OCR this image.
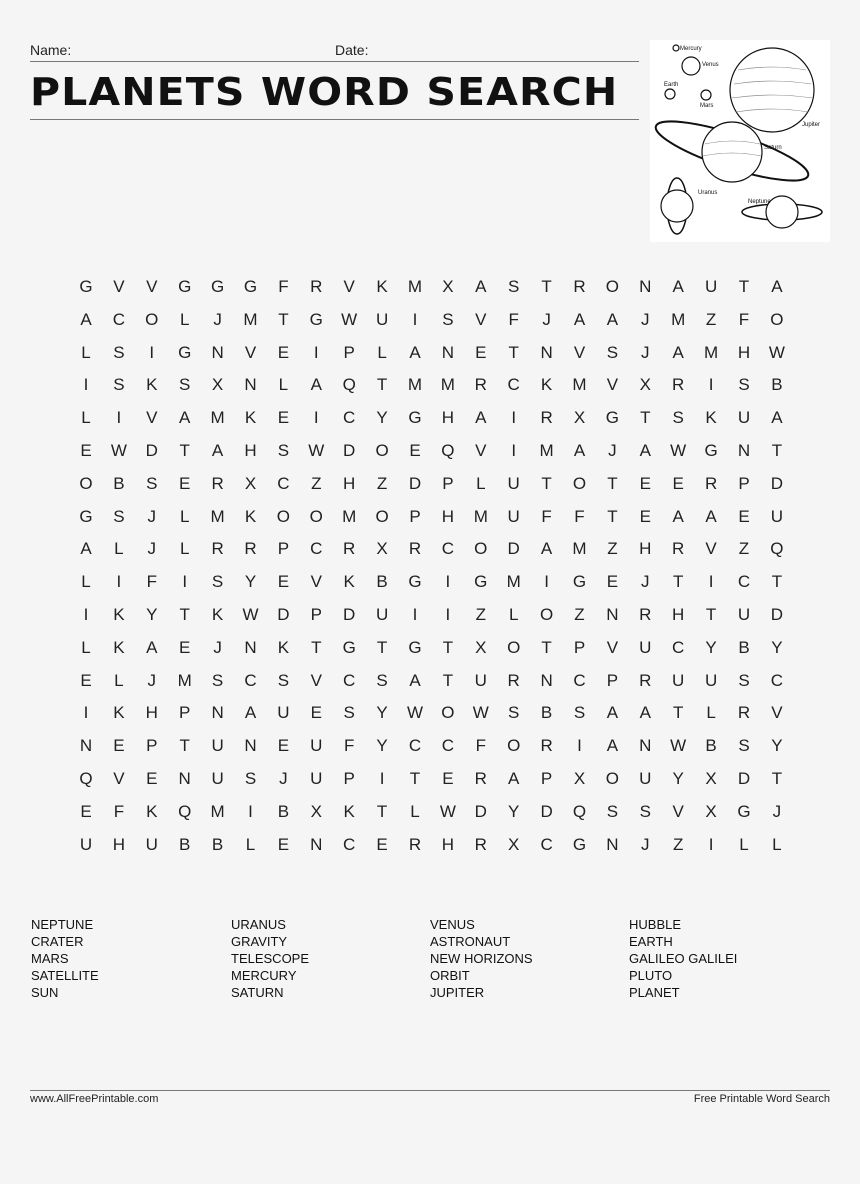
Name:	Date:
PLANETS WORD SEARCH
Mercury
Venus
Earth
Mars
Jupiter
Saturn
Uranus
Neptune
G	V	V	G	G	G	F	R	V	K	M	X	A	S	T	R	O	N	A	U	T	A
A	C	O	L	J	M	T	G	W	U	I	S	V	F	J	A	A	J	M	Z	F	O
L	S	I	G	N	V	E	I	P	L	A	N	E	T	N	V	S	J	A	M	H	W
I	S	K	S	X	N	L	A	Q	T	M	M	R	C	K	M	V	X	R	I	S	B
L	I	V	A	M	K	E	I	C	Y	G	H	A	I	R	X	G	T	S	K	U	A
E	W	D	T	A	H	S	W	D	O	E	Q	V	I	M	A	J	A	W	G	N	T
O	B	S	E	R	X	C	Z	H	Z	D	P	L	U	T	O	T	E	E	R	P	D
G	S	J	L	M	K	O	O	M	O	P	H	M	U	F	F	T	E	A	A	E	U
A	L	J	L	R	R	P	C	R	X	R	C	O	D	A	M	Z	H	R	V	Z	Q
L	I	F	I	S	Y	E	V	K	B	G	I	G	M	I	G	E	J	T	I	C	T
I	K	Y	T	K	W	D	P	D	U	I	I	Z	L	O	Z	N	R	H	T	U	D
L	K	A	E	J	N	K	T	G	T	G	T	X	O	T	P	V	U	C	Y	B	Y
E	L	J	M	S	C	S	V	C	S	A	T	U	R	N	C	P	R	U	U	S	C
I	K	H	P	N	A	U	E	S	Y	W	O	W	S	B	S	A	A	T	L	R	V
N	E	P	T	U	N	E	U	F	Y	C	C	F	O	R	I	A	N	W	B	S	Y
Q	V	E	N	U	S	J	U	P	I	T	E	R	A	P	X	O	U	Y	X	D	T
E	F	K	Q	M	I	B	X	K	T	L	W	D	Y	D	Q	S	S	V	X	G	J
U	H	U	B	B	L	E	N	C	E	R	H	R	X	C	G	N	J	Z	I	L	L
NEPTUNE
CRATER
MARS
SATELLITE
SUN
URANUS
GRAVITY
TELESCOPE
MERCURY
SATURN
VENUS
ASTRONAUT
NEW HORIZONS
ORBIT
JUPITER
HUBBLE
EARTH
GALILEO GALILEI
PLUTO
PLANET
www.AllFreePrintable.com	Free Printable Word Search
